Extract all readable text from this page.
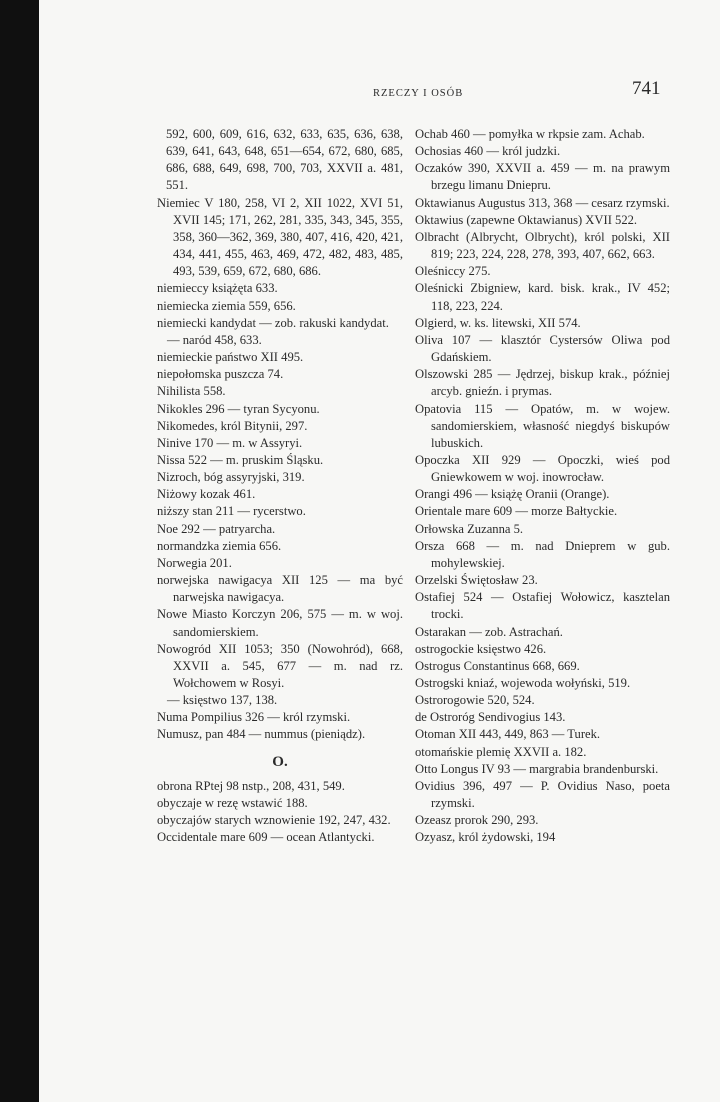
RZECZY I OSÓB	741
592, 600, 609, 616, 632, 633, 635, 636, 638, 639, 641, 643, 648, 651—654, 672, 680, 685, 686, 688, 649, 698, 700, 703, XXVII a. 481, 551.
Niemiec V 180, 258, VI 2, XII 1022, XVI 51, XVII 145; 171, 262, 281, 335, 343, 345, 355, 358, 360—362, 369, 380, 407, 416, 420, 421, 434, 441, 455, 463, 469, 472, 482, 483, 485, 493, 539, 659, 672, 680, 686.
niemieccy książęta 633.
niemiecka ziemia 559, 656.
niemiecki kandydat — zob. rakuski kandydat.
— naród 458, 633.
niemieckie państwo XII 495.
niepołomska puszcza 74.
Nihilista 558.
Nikokles 296 — tyran Sycyonu.
Nikomedes, król Bitynii, 297.
Ninive 170 — m. w Assyryi.
Nissa 522 — m. pruskim Śląsku.
Nizroch, bóg assyryjski, 319.
Niżowy kozak 461.
niższy stan 211 — rycerstwo.
Noe 292 — patryarcha.
normandzka ziemia 656.
Norwegia 201.
norwejska nawigacya XII 125 — ma być narwejska nawigacya.
Nowe Miasto Korczyn 206, 575 — m. w woj. sandomierskiem.
Nowogród XII 1053; 350 (Nowohród), 668, XXVII a. 545, 677 — m. nad rz. Wołchowem w Rosyi.
— księstwo 137, 138.
Numa Pompilius 326 — król rzymski.
Numusz, pan 484 — nummus (pieniądz).
O.
obrona RPtej 98 nstp., 208, 431, 549.
obyczaje w rezę wstawić 188.
obyczajów starych wznowienie 192, 247, 432.
Occidentale mare 609 — ocean Atlantycki.
Ochab 460 — pomyłka w rkpsie zam. Achab.
Ochosias 460 — król judzki.
Oczaków 390, XXVII a. 459 — m. na prawym brzegu limanu Dniepru.
Oktawianus Augustus 313, 368 — cesarz rzymski.
Oktawius (zapewne Oktawianus) XVII 522.
Olbracht (Albrycht, Olbrycht), król polski, XII 819; 223, 224, 228, 278, 393, 407, 662, 663.
Oleśniccy 275.
Oleśnicki Zbigniew, kard. bisk. krak., IV 452; 118, 223, 224.
Olgierd, w. ks. litewski, XII 574.
Oliva 107 — klasztór Cystersów Oliwa pod Gdańskiem.
Olszowski 285 — Jędrzej, biskup krak., później arcyb. gnieźn. i prymas.
Opatovia 115 — Opatów, m. w wojew. sandomierskiem, własność niegdyś biskupów lubuskich.
Opoczka XII 929 — Opoczki, wieś pod Gniewkowem w woj. inowrocław.
Orangi 496 — książę Oranii (Orange).
Orientale mare 609 — morze Bałtyckie.
Orłowska Zuzanna 5.
Orsza 668 — m. nad Dnieprem w gub. mohylewskiej.
Orzelski Świętosław 23.
Ostafiej 524 — Ostafiej Wołowicz, kasztelan trocki.
Ostarakan — zob. Astrachań.
ostrogockie księstwo 426.
Ostrogus Constantinus 668, 669.
Ostrogski kniaź, wojewoda wołyński, 519.
Ostrorogowie 520, 524.
de Ostroróg Sendivogius 143.
Otoman XII 443, 449, 863 — Turek.
otomańskie plemię XXVII a. 182.
Otto Longus IV 93 — margrabia brandenburski.
Ovidius 396, 497 — P. Ovidius Naso, poeta rzymski.
Ozeasz prorok 290, 293.
Ozyasz, król żydowski, 194
